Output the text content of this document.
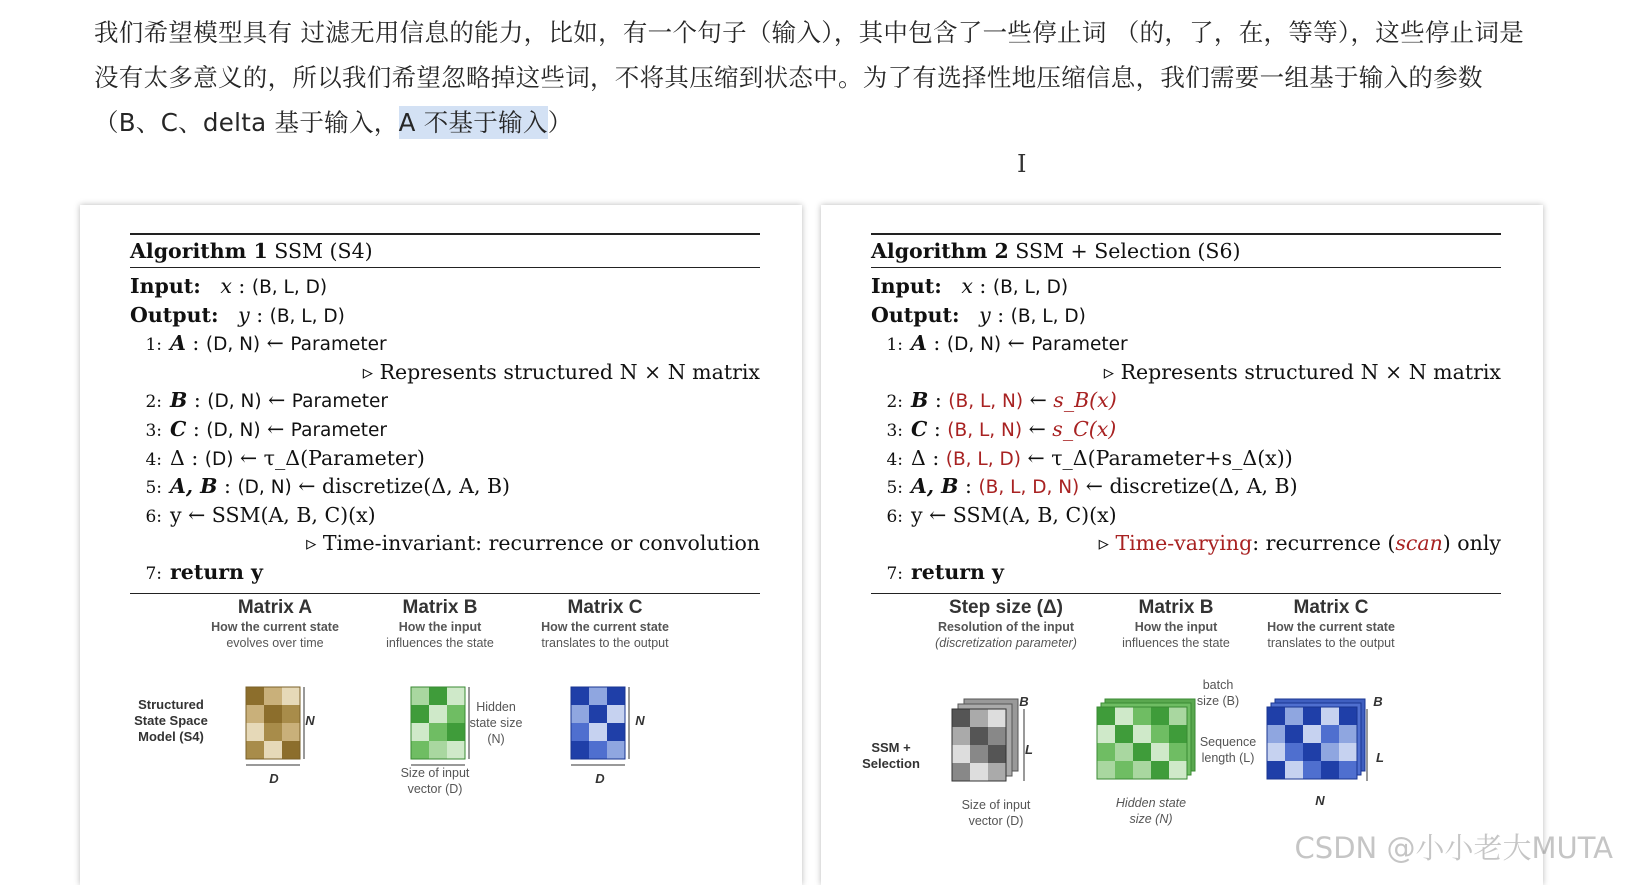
我们希望模型具有 过滤无用信息的能力，比如，有一个句子（输入），其中包含了一些停止词 （的，了，在，等等），这些停止词是没有太多意义的，所以我们希望忽略掉这些词，不将其压缩到状态中。为了有选择性地压缩信息，我们需要一组基于输入的参数 （B、C、delta 基于输入，A 不基于输入）
I
Algorithm 1 SSM (S4)
Input: x : (B, L, D)
Output: y : (B, L, D)
1: A : (D, N) ← Parameter
▹ Represents structured N × N matrix
2: B : (D, N) ← Parameter
3: C : (D, N) ← Parameter
4: Δ : (D) ← τ_Δ(Parameter)
5: A, B : (D, N) ← discretize(Δ, A, B)
6: y ← SSM(A, B, C)(x)
▹ Time-invariant: recurrence or convolution
7: return y
Matrix A
How the current state
evolves over time
Matrix B
How the input
influences the state
Matrix C
How the current state
translates to the output
Structured State Space Model (S4)
N
D
Hidden state size (N)
Size of input vector (D)
N
D
Algorithm 2 SSM + Selection (S6)
Input: x : (B, L, D)
Output: y : (B, L, D)
1: A : (D, N) ← Parameter
▹ Represents structured N × N matrix
2: B : (B, L, N) ← s_B(x)
3: C : (B, L, N) ← s_C(x)
4: Δ : (B, L, D) ← τ_Δ(Parameter+s_Δ(x))
5: A, B : (B, L, D, N) ← discretize(Δ, A, B)
6: y ← SSM(A, B, C)(x)
▹ Time-varying: recurrence (scan) only
7: return y
Step size (Δ)
Resolution of the input
(discretization parameter)
Matrix B
How the input
influences the state
Matrix C
How the current state
translates to the output
SSM + Selection
B
L
Size of input vector (D)
batch size (B)
Sequence length (L)
Hidden state size (N)
B
L
N
CSDN @小小老大MUTA
